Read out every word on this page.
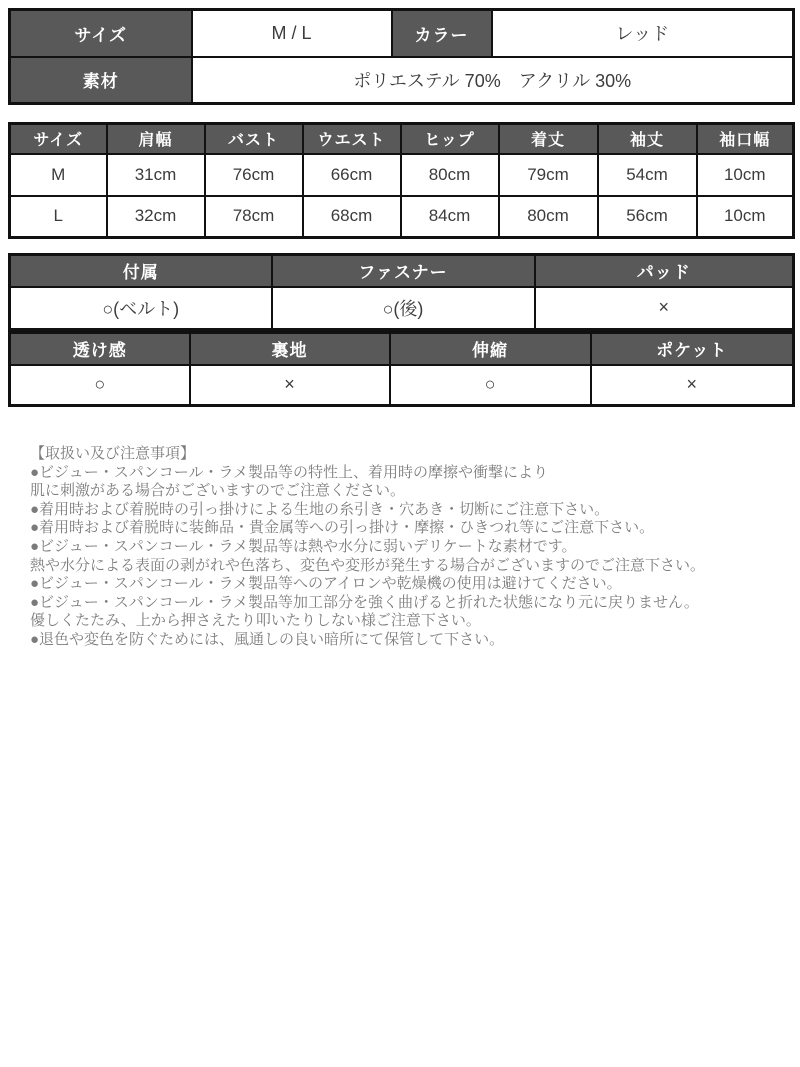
サイズ	M / L	カラー	レッド
素材	ポリエステル 70%　アクリル 30%		
サイズ	肩幅	バスト	ウエスト	ヒップ	着丈	袖丈	袖口幅
M	31cm	76cm	66cm	80cm	79cm	54cm	10cm
L	32cm	78cm	68cm	84cm	80cm	56cm	10cm
付属	ファスナー	パッド
○(ベルト)	○(後)	×
透け感	裏地	伸縮	ポケット
○	×	○	×
【取扱い及び注意事項】
●ビジュー・スパンコール・ラメ製品等の特性上、着用時の摩擦や衝撃により
肌に刺激がある場合がございますのでご注意ください。
●着用時および着脱時の引っ掛けによる生地の糸引き・穴あき・切断にご注意下さい。
●着用時および着脱時に装飾品・貴金属等への引っ掛け・摩擦・ひきつれ等にご注意下さい。
●ビジュー・スパンコール・ラメ製品等は熱や水分に弱いデリケートな素材です。
熱や水分による表面の剥がれや色落ち、変色や変形が発生する場合がございますのでご注意下さい。
●ビジュー・スパンコール・ラメ製品等へのアイロンや乾燥機の使用は避けてください。
●ビジュー・スパンコール・ラメ製品等加工部分を強く曲げると折れた状態になり元に戻りません。
優しくたたみ、上から押さえたり叩いたりしない様ご注意下さい。
●退色や変色を防ぐためには、風通しの良い暗所にて保管して下さい。
